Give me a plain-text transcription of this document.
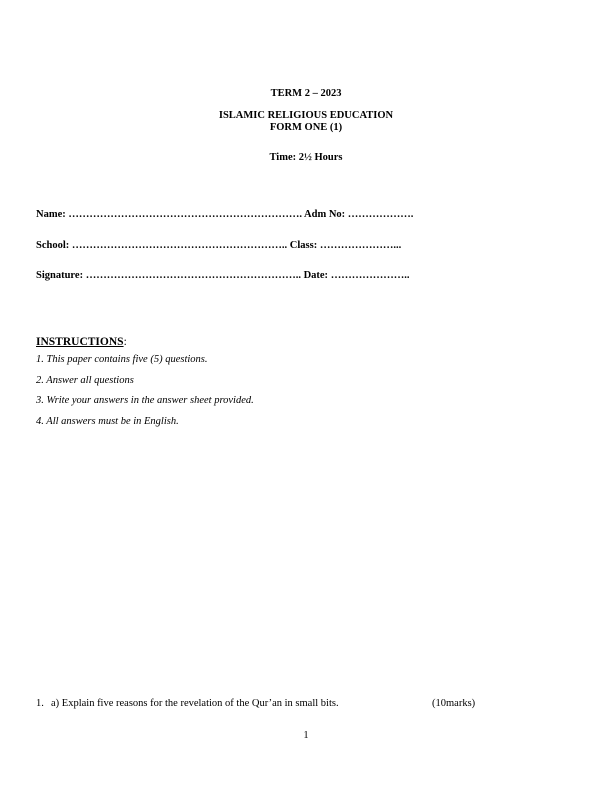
TERM 2 – 2023
ISLAMIC RELIGIOUS EDUCATION
FORM ONE (1)
Time: 2½ Hours
Name: …………………………………………………………. Adm No: ……………….
School: …………………………………………………….. Class: …………………...
Signature: …………………………………………………….. Date: …………………..
INSTRUCTIONS:
1. This paper contains five (5) questions.
2. Answer all questions
3. Write your answers in the answer sheet provided.
4. All answers must be in English.
1. a) Explain five reasons for the revelation of the Qur’an in small bits.	(10marks)
1
